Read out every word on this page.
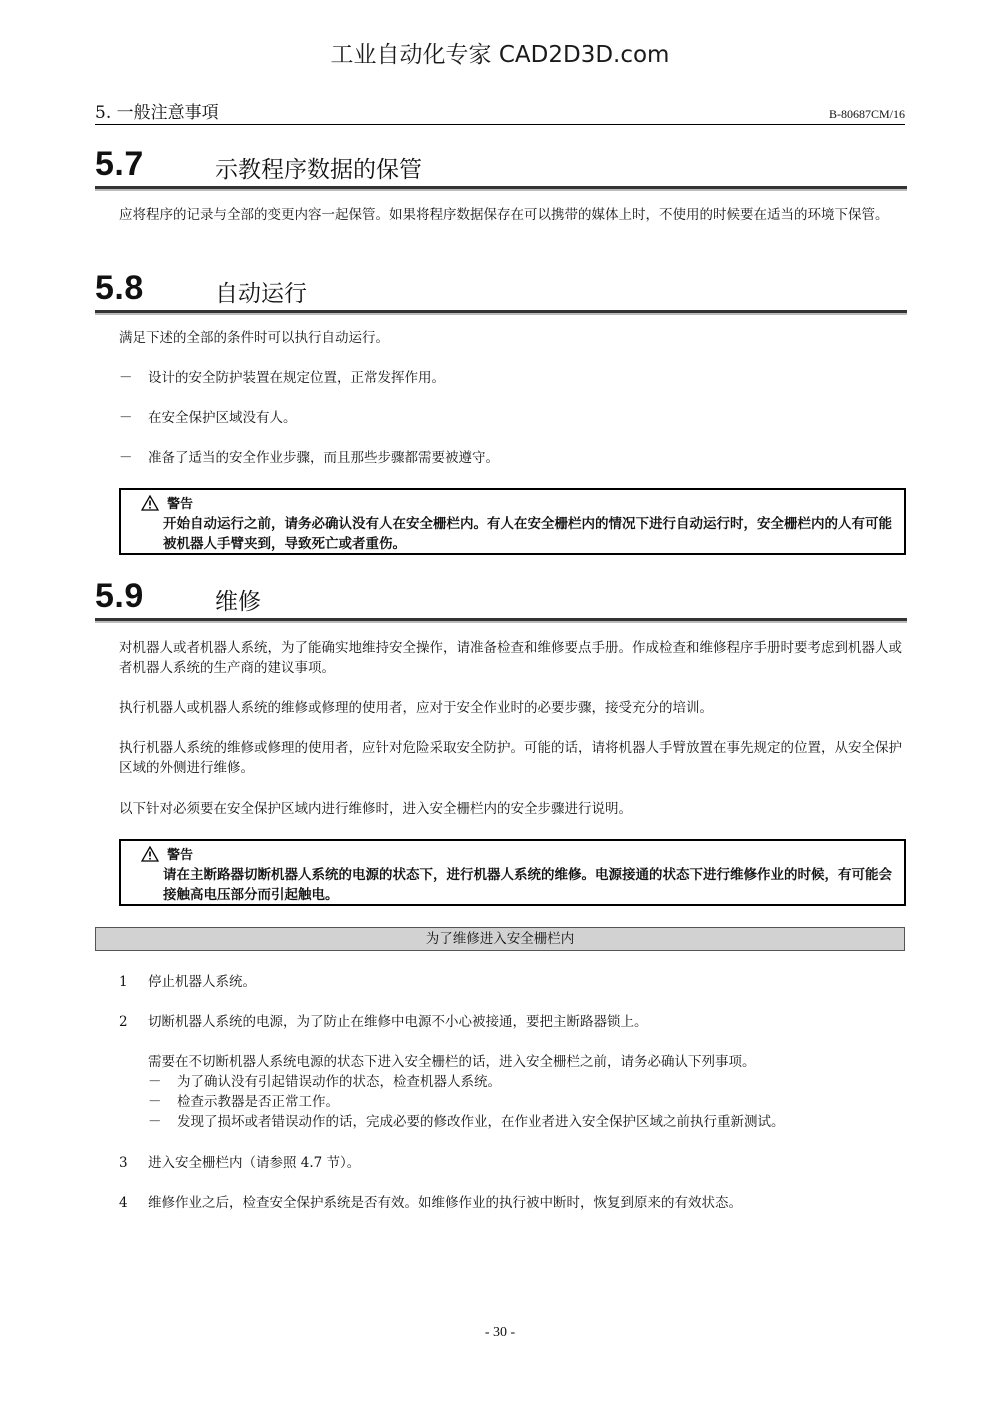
工业自动化专家 CAD2D3D.com
5. 一般注意事項	B-80687CM/16
5.7	示教程序数据的保管
应将程序的记录与全部的变更内容一起保管。如果将程序数据保存在可以携带的媒体上时，不使用的时候要在适当的环境下保管。
5.8	自动运行
满足下述的全部的条件时可以执行自动运行。
－ 设计的安全防护装置在规定位置，正常发挥作用。
－ 在安全保护区域没有人。
－ 准备了适当的安全作业步骤，而且那些步骤都需要被遵守。
警告
开始自动运行之前，请务必确认没有人在安全栅栏内。有人在安全栅栏内的情况下进行自动运行时，安全栅栏内的人有可能被机器人手臂夹到，导致死亡或者重伤。
5.9	维修
对机器人或者机器人系统，为了能确实地维持安全操作，请准备检查和维修要点手册。作成检查和维修程序手册时要考虑到机器人或者机器人系统的生产商的建议事项。
执行机器人或机器人系统的维修或修理的使用者，应对于安全作业时的必要步骤，接受充分的培训。
执行机器人系统的维修或修理的使用者，应针对危险采取安全防护。可能的话，请将机器人手臂放置在事先规定的位置，从安全保护区域的外侧进行维修。
以下针对必须要在安全保护区域内进行维修时，进入安全栅栏内的安全步骤进行说明。
警告
请在主断路器切断机器人系统的电源的状态下，进行机器人系统的维修。电源接通的状态下进行维修作业的时候，有可能会接触高电压部分而引起触电。
为了维修进入安全栅栏内
1 停止机器人系统。
2 切断机器人系统的电源，为了防止在维修中电源不小心被接通，要把主断路器锁上。
需要在不切断机器人系统电源的状态下进入安全栅栏的话，进入安全栅栏之前，请务必确认下列事项。
－ 为了确认没有引起错误动作的状态，检查机器人系统。
－ 检查示教器是否正常工作。
－ 发现了损坏或者错误动作的话，完成必要的修改作业，在作业者进入安全保护区域之前执行重新测试。
3 进入安全栅栏内（请参照 4.7 节）。
4 维修作业之后，检查安全保护系统是否有效。如维修作业的执行被中断时，恢复到原来的有效状态。
- 30 -
